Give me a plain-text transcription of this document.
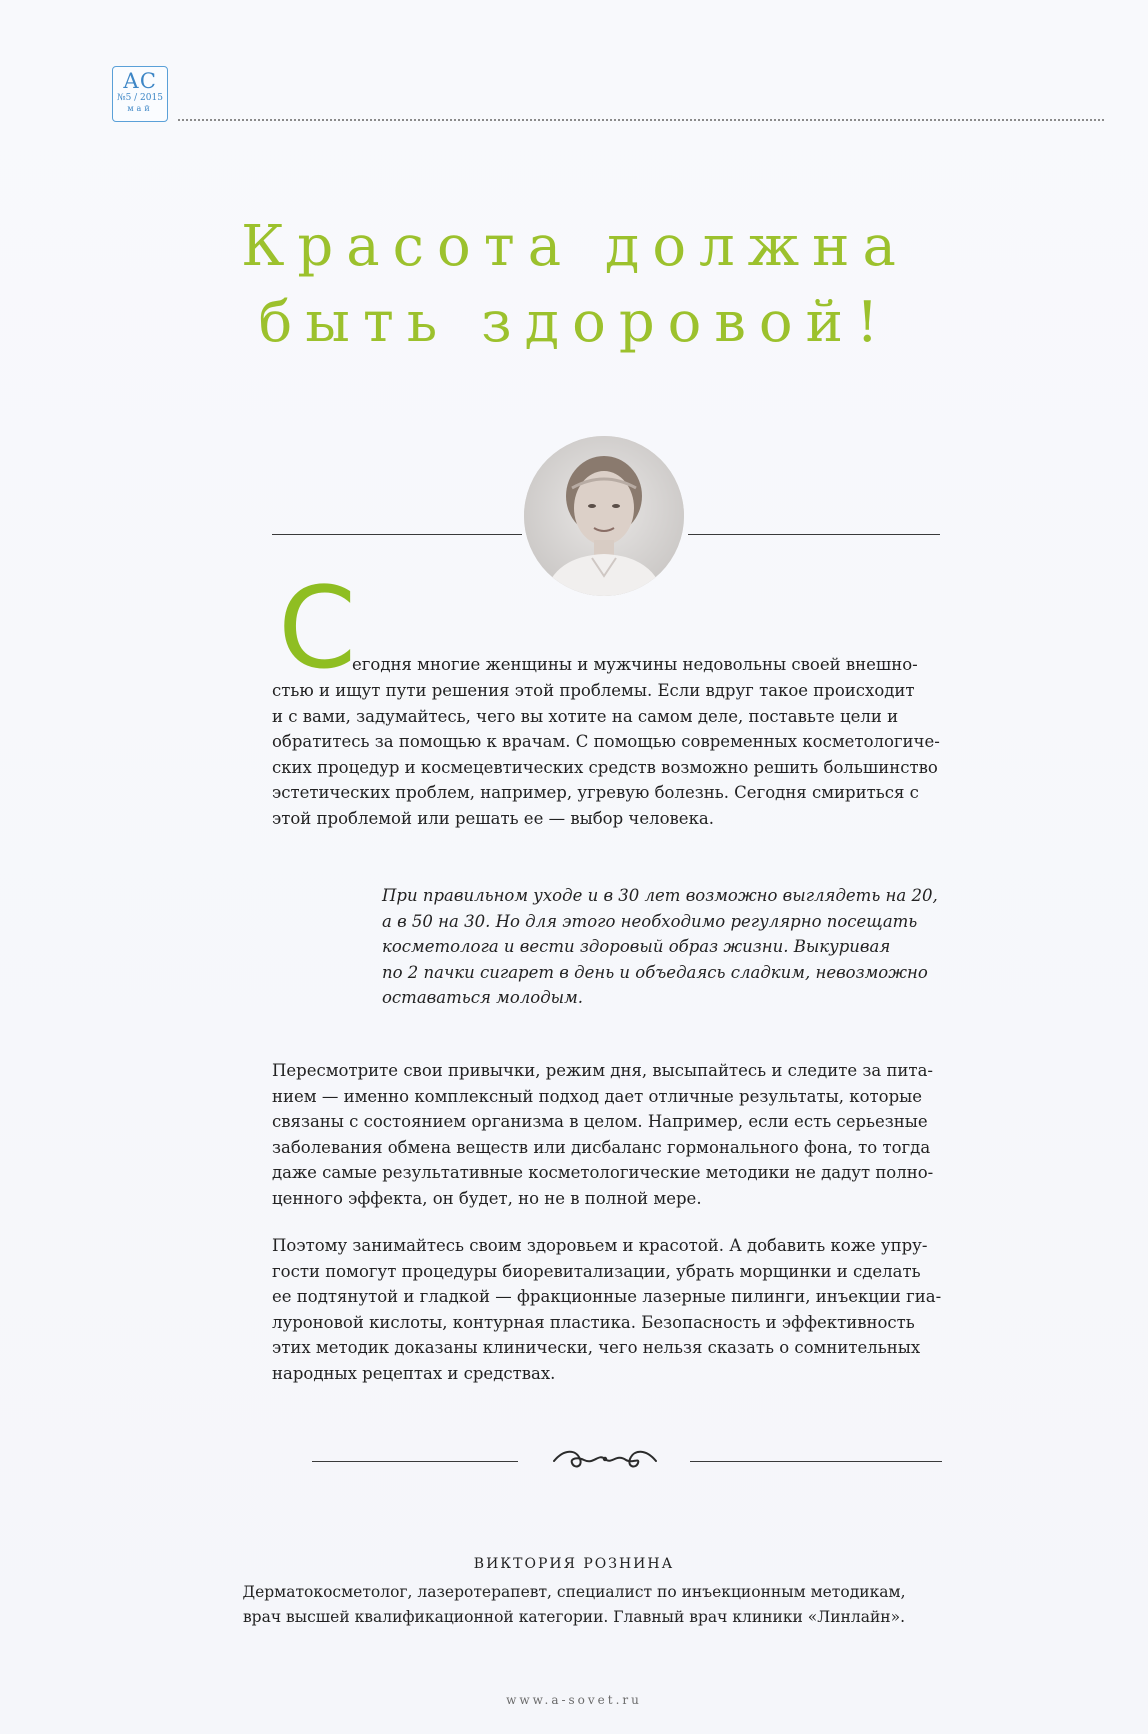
АС
№5 / 2015
май
Красота должна
быть здоровой!
С

егодня многие женщины и мужчины недовольны своей внешно-

стью и ищут пути решения этой проблемы. Если вдруг такое происходит
и с вами, задумайтесь, чего вы хотите на самом деле, поставьте цели и
обратитесь за помощью к врачам. С помощью современных косметологиче-
ских процедур и космецевтических средств возможно решить большинство
эстетических проблем, например, угревую болезнь. Сегодня смириться с
этой проблемой или решать ее — выбор человека.

При правильном уходе и в 30 лет возможно выглядеть на 20,
а в 50 на 30. Но для этого необходимо регулярно посещать
косметолога и вести здоровый образ жизни. Выкуривая
по 2 пачки сигарет в день и объедаясь сладким, невозможно
оставаться молодым.

Пересмотрите свои привычки, режим дня, высыпайтесь и следите за пита-
нием — именно комплексный подход дает отличные результаты, которые
связаны с состоянием организма в целом. Например, если есть серьезные
заболевания обмена веществ или дисбаланс гормонального фона, то тогда
даже самые результативные косметологические методики не дадут полно-
ценного эффекта, он будет, но не в полной мере.

Поэтому занимайтесь своим здоровьем и красотой. А добавить коже упру-
гости помогут процедуры биоревитализации, убрать морщинки и сделать
ее подтянутой и гладкой — фракционные лазерные пилинги, инъекции гиа-
луроновой кислоты, контурная пластика. Безопасность и эффективность
этих методик доказаны клинически, чего нельзя сказать о сомнительных
народных рецептах и средствах.

ВИКТОРИЯ РОЗНИНА

Дерматокосметолог, лазеротерапевт, специалист по инъекционным методикам,
врач высшей квалификационной категории. Главный врач клиники «Линлайн».

www.a-sovet.ru
